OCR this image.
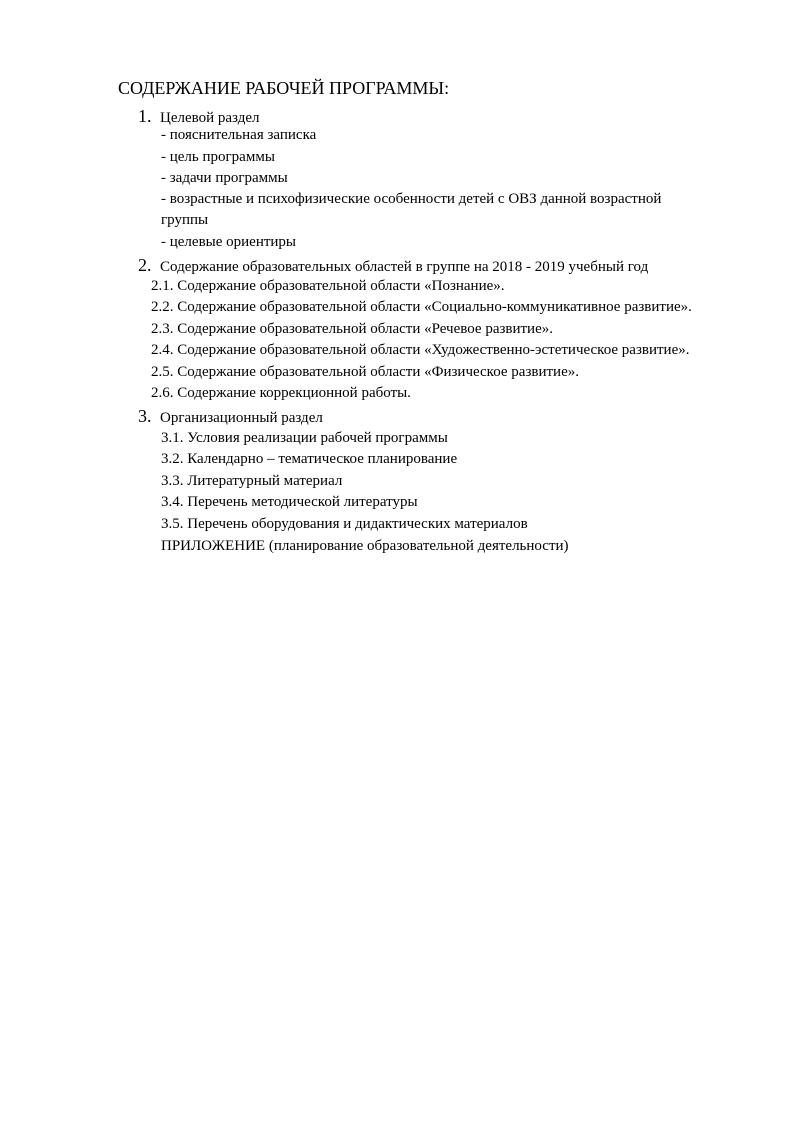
СОДЕРЖАНИЕ РАБОЧЕЙ ПРОГРАММЫ:
1. Целевой раздел
- пояснительная записка
- цель программы
- задачи программы
- возрастные и психофизические особенности детей с ОВЗ данной возрастной
группы
- целевые ориентиры
2. Содержание образовательных областей в группе на 2018 - 2019 учебный год
2.1. Содержание образовательной области «Познание».
2.2. Содержание образовательной области «Социально-коммуникативное развитие».
2.3. Содержание образовательной области «Речевое развитие».
2.4. Содержание образовательной области «Художественно-эстетическое развитие».
2.5. Содержание образовательной области «Физическое развитие».
2.6. Содержание коррекционной работы.
3. Организационный раздел
3.1. Условия реализации рабочей программы
3.2. Календарно – тематическое планирование
3.3. Литературный материал
3.4. Перечень методической литературы
3.5. Перечень оборудования и дидактических материалов
ПРИЛОЖЕНИЕ (планирование образовательной деятельности)
